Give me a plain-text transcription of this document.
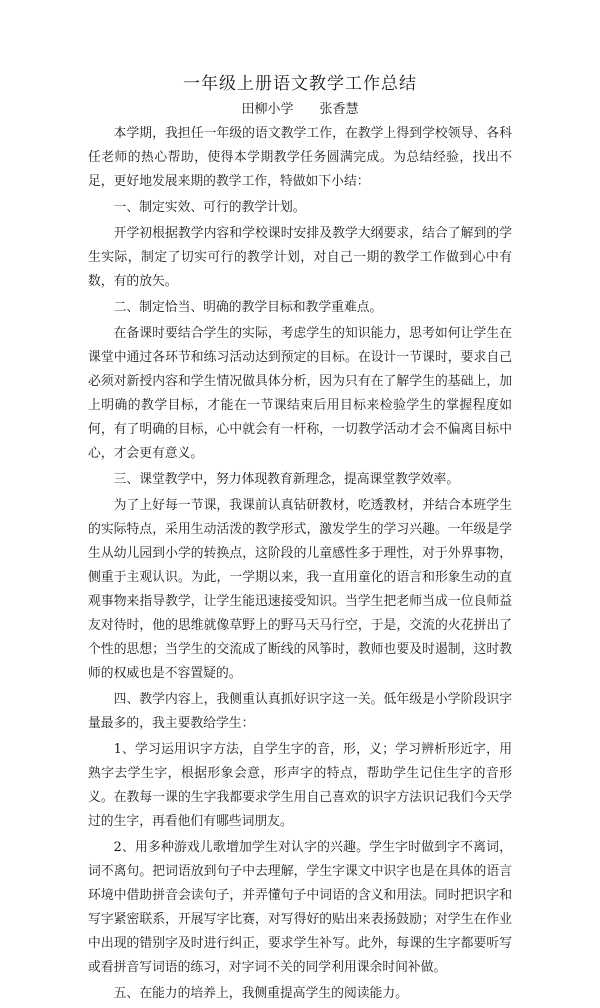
一年级上册语文教学工作总结
田柳小学 张香慧

本学期，我担任一年级的语文教学工作，在教学上得到学校领导、各科任老师的热心帮助，使得本学期教学任务圆满完成。为总结经验，找出不足，更好地发展来期的教学工作，特做如下小结：

一、制定实效、可行的教学计划。

开学初根据教学内容和学校课时安排及教学大纲要求，结合了解到的学生实际，制定了切实可行的教学计划，对自己一期的教学工作做到心中有数，有的放矢。

二、制定恰当、明确的教学目标和教学重难点。

在备课时要结合学生的实际，考虑学生的知识能力，思考如何让学生在课堂中通过各环节和练习活动达到预定的目标。在设计一节课时，要求自己必须对新授内容和学生情况做具体分析，因为只有在了解学生的基础上，加上明确的教学目标，才能在一节课结束后用目标来检验学生的掌握程度如何，有了明确的目标，心中就会有一杆称，一切教学活动才会不偏离目标中心，才会更有意义。

三、课堂教学中，努力体现教育新理念，提高课堂教学效率。

为了上好每一节课，我课前认真钻研教材，吃透教材，并结合本班学生的实际特点，采用生动活泼的教学形式，激发学生的学习兴趣。一年级是学生从幼儿园到小学的转换点，这阶段的儿童感性多于理性，对于外界事物，侧重于主观认识。为此，一学期以来，我一直用童化的语言和形象生动的直观事物来指导教学，让学生能迅速接受知识。当学生把老师当成一位良师益友对待时，他的思维就像草野上的野马天马行空，于是，交流的火花拼出了个性的思想；当学生的交流成了断线的风筝时，教师也要及时遏制，这时教师的权威也是不容置疑的。

四、教学内容上，我侧重认真抓好识字这一关。低年级是小学阶段识字量最多的，我主要教给学生：

1、学习运用识字方法，自学生字的音，形，义；学习辨析形近字，用熟字去学生字，根据形象会意，形声字的特点，帮助学生记住生字的音形义。在教每一课的生字我都要求学生用自己喜欢的识字方法识记我们今天学过的生字，再看他们有哪些词朋友。

2、用多种游戏儿歌增加学生对认字的兴趣。学生字时做到字不离词，词不离句。把词语放到句子中去理解，学生字课文中识字也是在具体的语言环境中借助拼音会读句子，并弄懂句子中词语的含义和用法。同时把识字和写字紧密联系，开展写字比赛，对写得好的贴出来表扬鼓励；对学生在作业中出现的错别字及时进行纠正，要求学生补写。此外，每课的生字都要听写或看拼音写词语的练习，对字词不关的同学利用课余时间补做。

五、在能力的培养上，我侧重提高学生的阅读能力。
